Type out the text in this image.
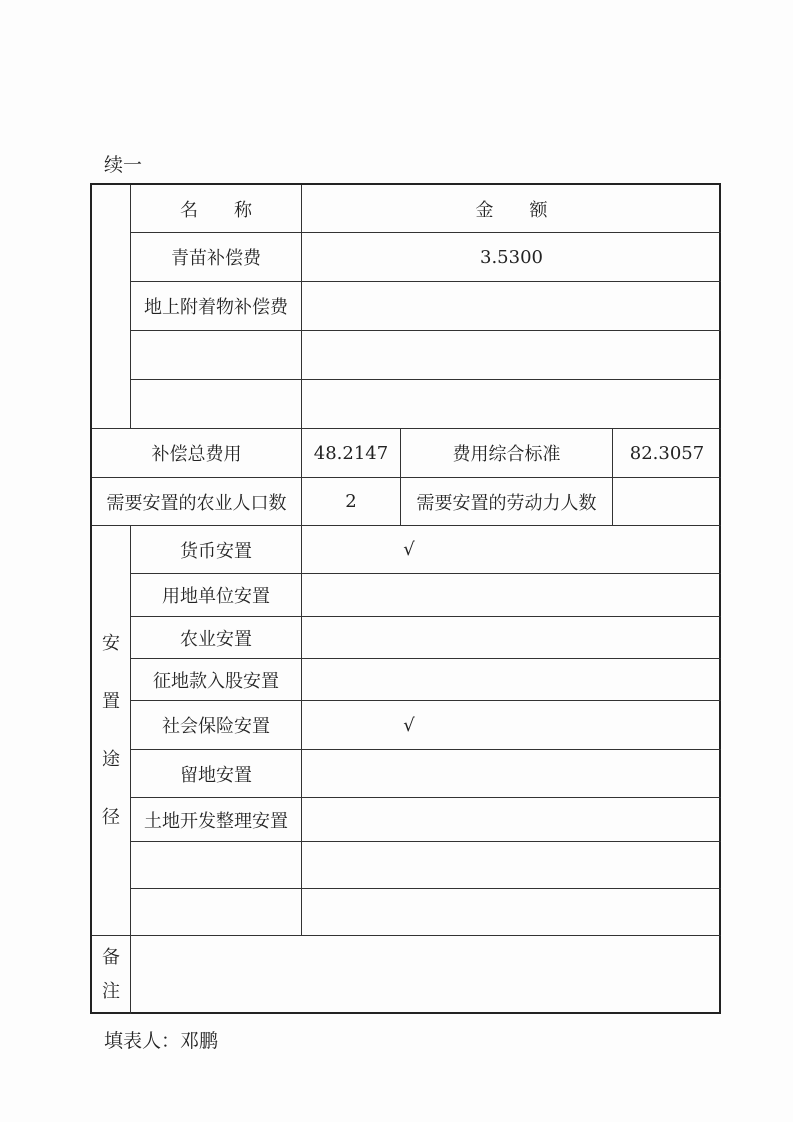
续一
名　　称	金　　额
青苗补偿费	3.5300
地上附着物补偿费
补偿总费用	48.2147	费用综合标准	82.3057
需要安置的农业人口数	2	需要安置的劳动力人数
安
置
途
径
货币安置	√
用地单位安置
农业安置
征地款入股安置
社会保险安置	√
留地安置
土地开发整理安置
备
注
填表人：邓鹏
